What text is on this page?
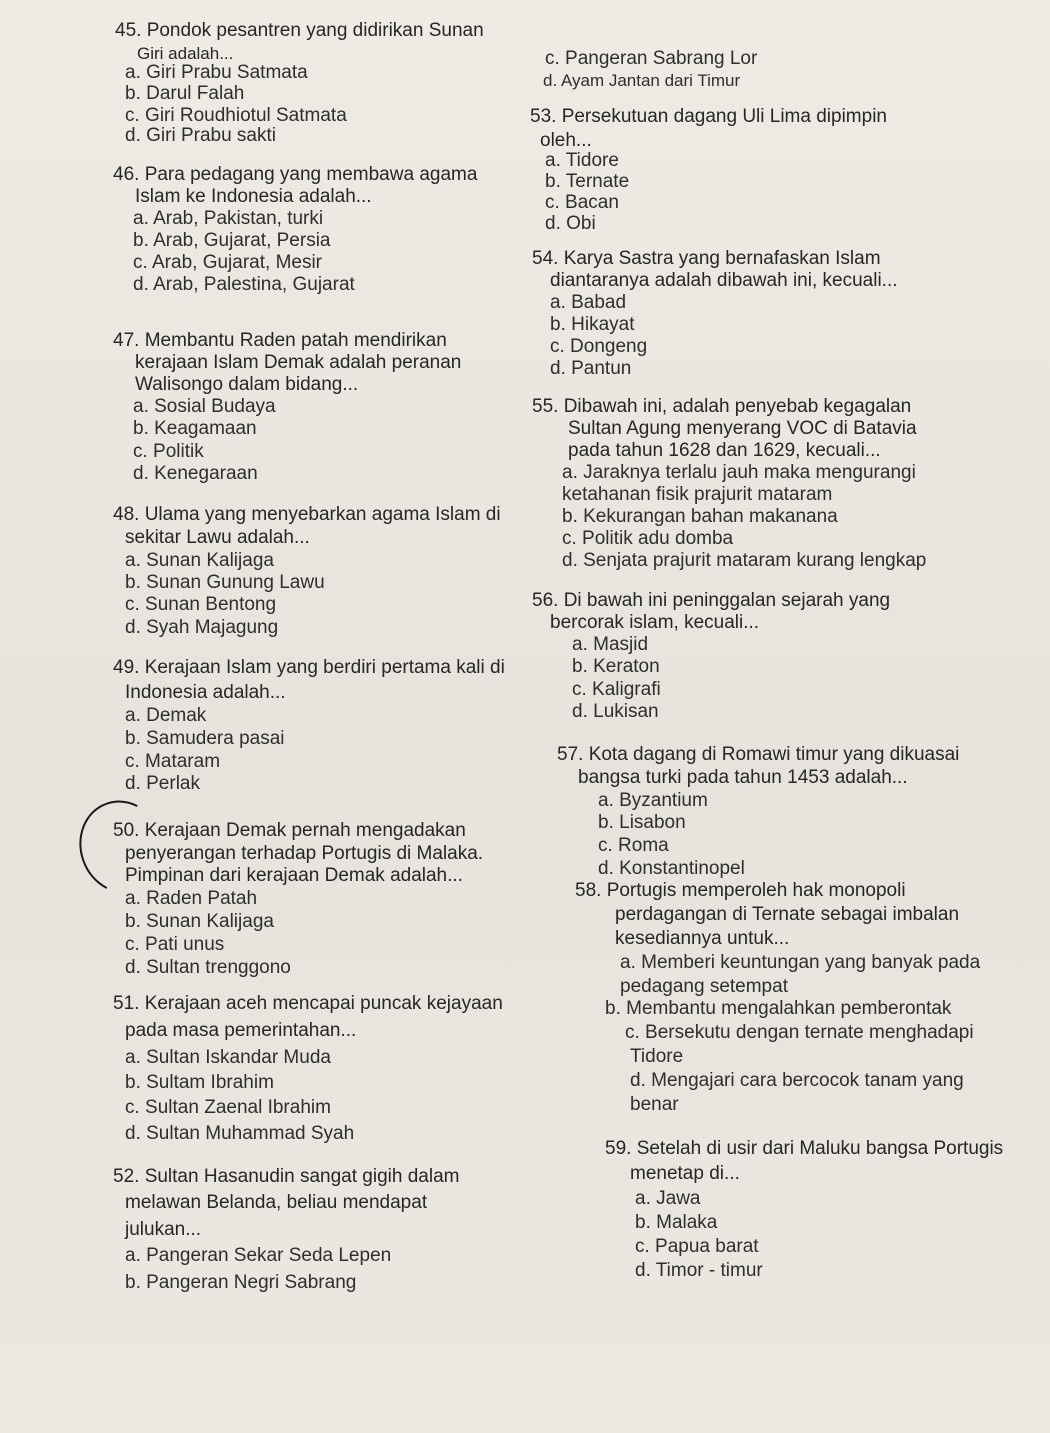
45. Pondok pesantren yang didirikan Sunan
Giri adalah...
a. Giri Prabu Satmata
b. Darul Falah
c. Giri Roudhiotul Satmata
d. Giri Prabu sakti
46. Para pedagang yang membawa agama
Islam ke Indonesia adalah...
a. Arab, Pakistan, turki
b. Arab, Gujarat, Persia
c. Arab, Gujarat, Mesir
d. Arab, Palestina, Gujarat
47. Membantu Raden patah mendirikan
kerajaan Islam Demak adalah peranan
Walisongo dalam bidang...
a. Sosial Budaya
b. Keagamaan
c. Politik
d. Kenegaraan
48. Ulama yang menyebarkan agama Islam di
sekitar Lawu adalah...
a. Sunan Kalijaga
b. Sunan Gunung Lawu
c. Sunan Bentong
d. Syah Majagung
49. Kerajaan Islam yang berdiri pertama kali di
Indonesia adalah...
a. Demak
b. Samudera pasai
c. Mataram
d. Perlak
50. Kerajaan Demak pernah mengadakan
penyerangan terhadap Portugis di Malaka.
Pimpinan dari kerajaan Demak adalah...
a. Raden Patah
b. Sunan Kalijaga
c. Pati unus
d. Sultan trenggono
51. Kerajaan aceh mencapai puncak kejayaan
pada masa pemerintahan...
a. Sultan Iskandar Muda
b. Sultam Ibrahim
c. Sultan Zaenal Ibrahim
d. Sultan Muhammad Syah
52. Sultan Hasanudin sangat gigih dalam
melawan Belanda, beliau mendapat
julukan...
a. Pangeran Sekar Seda Lepen
b. Pangeran Negri Sabrang
c. Pangeran Sabrang Lor
d. Ayam Jantan dari Timur
53. Persekutuan dagang Uli Lima dipimpin
oleh...
a. Tidore
b. Ternate
c. Bacan
d. Obi
54. Karya Sastra yang bernafaskan Islam
diantaranya adalah dibawah ini, kecuali...
a. Babad
b. Hikayat
c. Dongeng
d. Pantun
55. Dibawah ini, adalah penyebab kegagalan
Sultan Agung menyerang VOC di Batavia
pada tahun 1628 dan 1629, kecuali...
a. Jaraknya terlalu jauh maka mengurangi
ketahanan fisik prajurit mataram
b. Kekurangan bahan makanana
c. Politik adu domba
d. Senjata prajurit mataram kurang lengkap
56. Di bawah ini peninggalan sejarah yang
bercorak islam, kecuali...
a. Masjid
b. Keraton
c. Kaligrafi
d. Lukisan
57. Kota dagang di Romawi timur yang dikuasai
bangsa turki pada tahun 1453 adalah...
a. Byzantium
b. Lisabon
c. Roma
d. Konstantinopel
58. Portugis memperoleh hak monopoli
perdagangan di Ternate sebagai imbalan
kesediannya untuk...
a. Memberi keuntungan yang banyak pada
pedagang setempat
b. Membantu mengalahkan pemberontak
c. Bersekutu dengan ternate menghadapi
Tidore
d. Mengajari cara bercocok tanam yang
benar
59. Setelah di usir dari Maluku bangsa Portugis
menetap di...
a. Jawa
b. Malaka
c. Papua barat
d. Timor - timur
